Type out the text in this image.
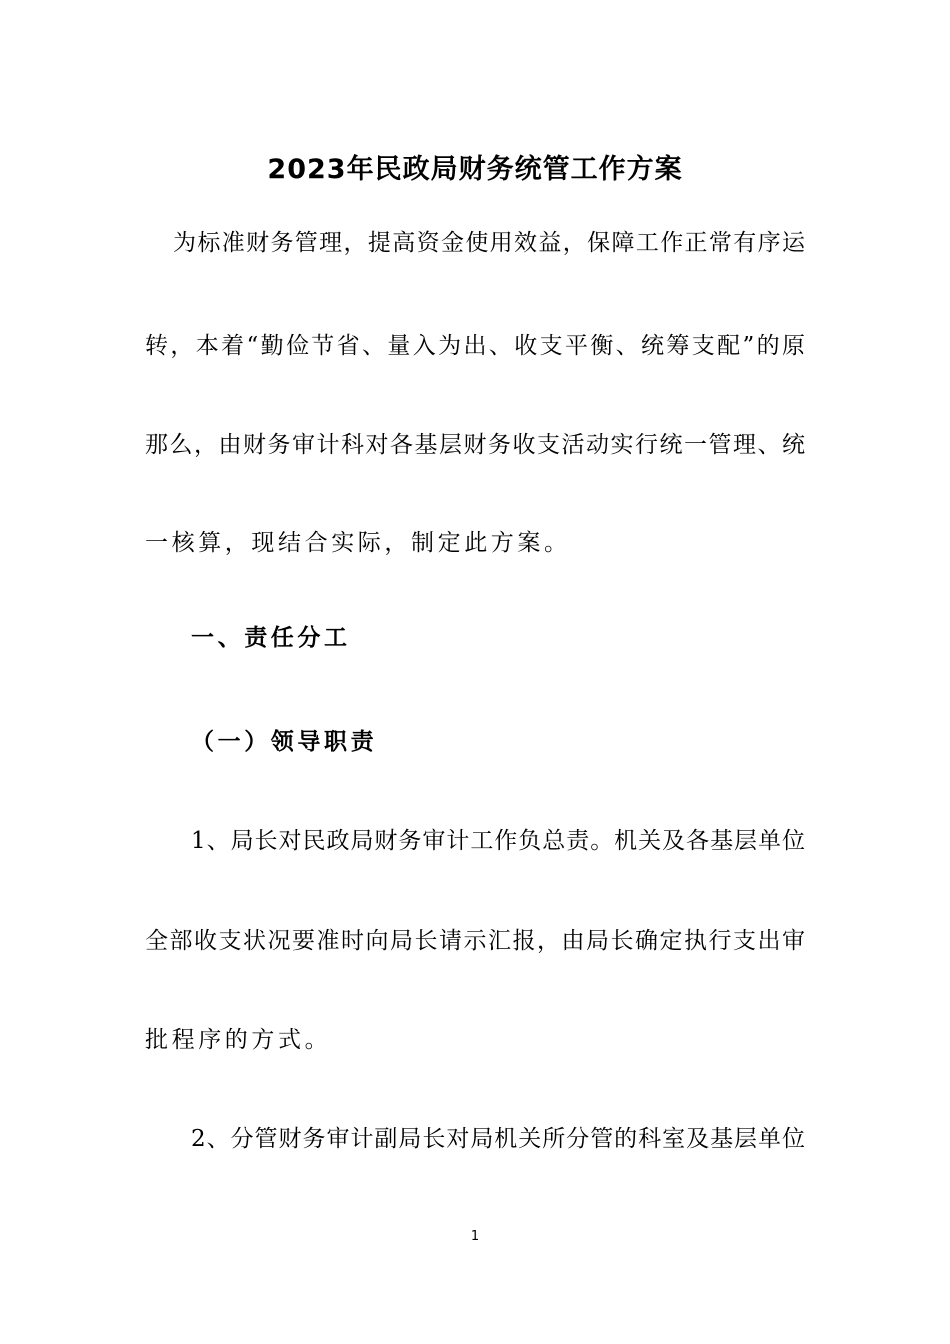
2023年民政局财务统管工作方案

为标准财务管理，提高资金使用效益，保障工作正常有序运

转，本着“勤俭节省、量入为出、收支平衡、统筹支配”的原

那么，由财务审计科对各基层财务收支活动实行统一管理、统

一核算，现结合实际，制定此方案。

一、责任分工
（一）领导职责

1、局长对民政局财务审计工作负总责。机关及各基层单位

全部收支状况要准时向局长请示汇报，由局长确定执行支出审

批程序的方式。

2、分管财务审计副局长对局机关所分管的科室及基层单位

1
